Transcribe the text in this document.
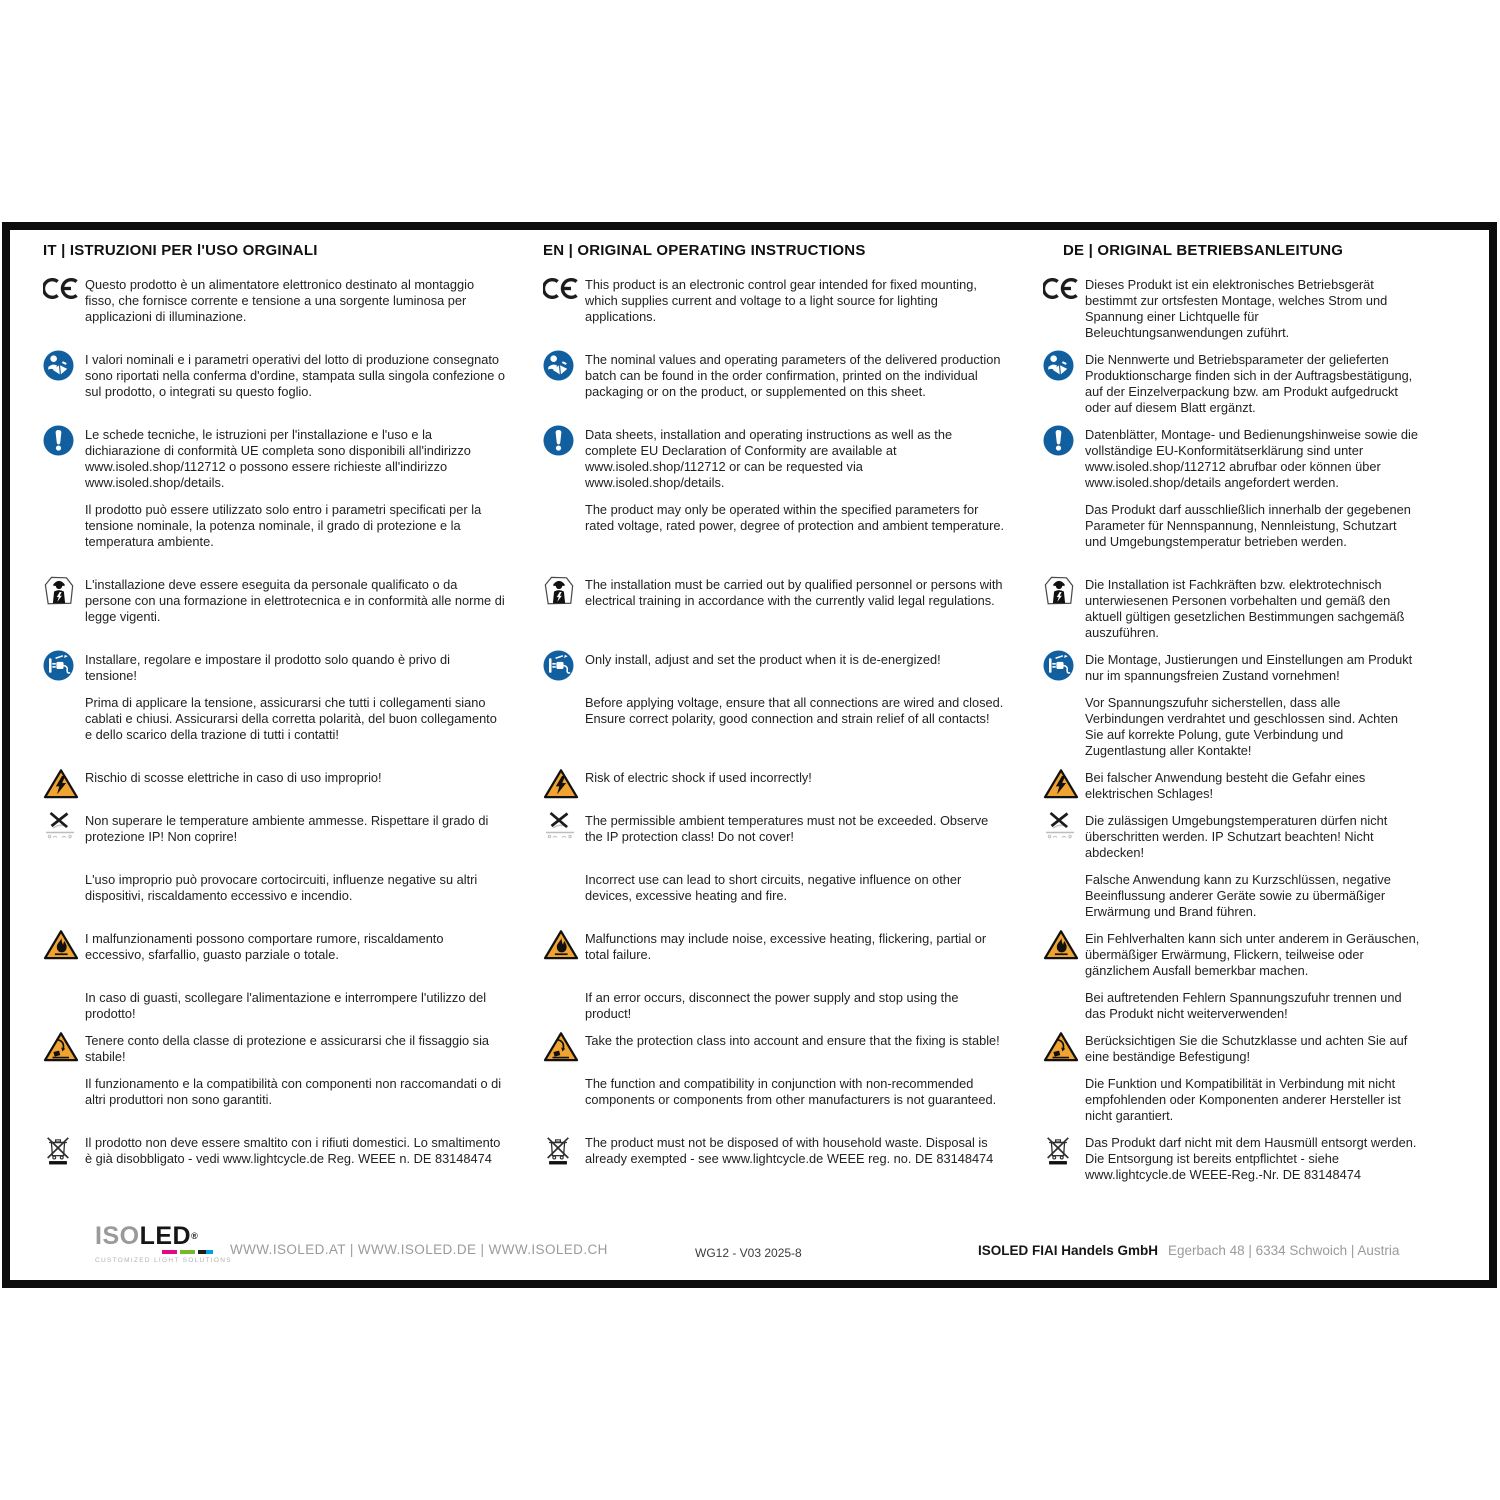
IT | ISTRUZIONI PER l'USO ORGINALI	EN | ORIGINAL OPERATING INSTRUCTIONS	DE | ORIGINAL BETRIEBSANLEITUNG

Questo prodotto è un alimentatore elettronico destinato al montaggio fisso, che fornisce corrente e tensione a una sorgente luminosa per applicazioni di illuminazione.

This product is an electronic control gear intended for fixed mounting, which supplies current and voltage to a light source for lighting applications.

Dieses Produkt ist ein elektronisches Betriebsgerät bestimmt zur ortsfesten Montage, welches Strom und Spannung einer Lichtquelle für Beleuchtungsanwendungen zuführt.

I valori nominali e i parametri operativi del lotto di produzione consegnato sono riportati nella conferma d'ordine, stampata sulla singola confezione o sul prodotto, o integrati su questo foglio.

The nominal values and operating parameters of the delivered production batch can be found in the order confirmation, printed on the individual packaging or on the product, or supplemented on this sheet.

Die Nennwerte und Betriebsparameter der gelieferten Produktionscharge finden sich in der Auftragsbestätigung, auf der Einzelverpackung bzw. am Produkt aufgedruckt oder auf diesem Blatt ergänzt.

Le schede tecniche, le istruzioni per l'installazione e l'uso e la dichiarazione di conformità UE completa sono disponibili all'indirizzo www.isoled.shop/112712 o possono essere richieste all'indirizzo www.isoled.shop/details.

Data sheets, installation and operating instructions as well as the complete EU Declaration of Conformity are available at www.isoled.shop/112712 or can be requested via www.isoled.shop/details.

Datenblätter, Montage- und Bedienungshinweise sowie die vollständige EU-Konformitätserklärung sind unter www.isoled.shop/112712 abrufbar oder können über www.isoled.shop/details angefordert werden.

Il prodotto può essere utilizzato solo entro i parametri specificati per la tensione nominale, la potenza nominale, il grado di protezione e la temperatura ambiente.

The product may only be operated within the specified parameters for rated voltage, rated power, degree of protection and ambient temperature.

Das Produkt darf ausschließlich innerhalb der gegebenen Parameter für Nennspannung, Nennleistung, Schutzart und Umgebungstemperatur betrieben werden.

L'installazione deve essere eseguita da personale qualificato o da persone con una formazione in elettrotecnica e in conformità alle norme di legge vigenti.

The installation must be carried out by qualified personnel or persons with electrical training in accordance with the currently valid legal regulations.

Die Installation ist Fachkräften bzw. elektrotechnisch unterwiesenen Personen vorbehalten und gemäß den aktuell gültigen gesetzlichen Bestimmungen sachgemäß auszuführen.

Installare, regolare e impostare il prodotto solo quando è privo di tensione!

Only install, adjust and set the product when it is de-energized!	Die Montage, Justierungen und Einstellungen am Produkt nur im spannungsfreien Zustand vornehmen!

Prima di applicare la tensione, assicurarsi che tutti i collegamenti siano cablati e chiusi. Assicurarsi della corretta polarità, del buon collegamento e dello scarico della trazione di tutti i contatti!

Before applying voltage, ensure that all connections are wired and closed. Ensure correct polarity, good connection and strain relief of all contacts!

Vor Spannungszufuhr sicherstellen, dass alle Verbindungen verdrahtet und geschlossen sind. Achten Sie auf korrekte Polung, gute Verbindung und Zugentlastung aller Kontakte!

Rischio di scosse elettriche in caso di uso improprio!	Risk of electric shock if used incorrectly!	Bei falscher Anwendung besteht die Gefahr eines elektrischen Schlages!

Non superare le temperature ambiente ammesse. Rispettare il grado di protezione IP! Non coprire!

The permissible ambient temperatures must not be exceeded. Observe the IP protection class! Do not cover!

Die zulässigen Umgebungstemperaturen dürfen nicht überschritten werden. IP Schutzart beachten! Nicht abdecken!

L'uso improprio può provocare cortocircuiti, influenze negative su altri dispositivi, riscaldamento eccessivo e incendio.

Incorrect use can lead to short circuits, negative influence on other devices, excessive heating and fire.

Falsche Anwendung kann zu Kurzschlüssen, negative Beeinflussung anderer Geräte sowie zu übermäßiger Erwärmung und Brand führen.

I malfunzionamenti possono comportare rumore, riscaldamento eccessivo, sfarfallio, guasto parziale o totale.

Malfunctions may include noise, excessive heating, flickering, partial or total failure.

Ein Fehlverhalten kann sich unter anderem in Geräuschen, übermäßiger Erwärmung, Flickern, teilweise oder gänzlichem Ausfall bemerkbar machen.

In caso di guasti, scollegare l'alimentazione e interrompere l'utilizzo del prodotto!

If an error occurs, disconnect the power supply and stop using the product!

Bei auftretenden Fehlern Spannungszufuhr trennen und das Produkt nicht weiterverwenden!

Tenere conto della classe di protezione e assicurarsi che il fissaggio sia stabile!

Take the protection class into account and ensure that the fixing is stable!	Berücksichtigen Sie die Schutzklasse und achten Sie auf eine beständige Befestigung!

Il funzionamento e la compatibilità con componenti non raccomandati o di altri produttori non sono garantiti.

The function and compatibility in conjunction with non-recommended components or components from other manufacturers is not guaranteed.

Die Funktion und Kompatibilität in Verbindung mit nicht empfohlenden oder Komponenten anderer Hersteller ist nicht garantiert.

Il prodotto non deve essere smaltito con i rifiuti domestici. Lo smaltimento è già disobbligato - vedi www.lightcycle.de Reg. WEEE n. DE 83148474

The product must not be disposed of with household waste. Disposal is already exempted - see www.lightcycle.de WEEE reg. no. DE 83148474

Das Produkt darf nicht mit dem Hausmüll entsorgt werden. Die Entsorgung ist bereits entpflichtet - siehe www.lightcycle.de WEEE-Reg.-Nr. DE 83148474

ISOLED®
CUSTOMIZED LIGHT SOLUTIONS
WWW.ISOLED.AT | WWW.ISOLED.DE | WWW.ISOLED.CH	WG12 - V03 2025-8	ISOLED FIAI Handels GmbH Egerbach 48 | 6334 Schwoich | Austria
